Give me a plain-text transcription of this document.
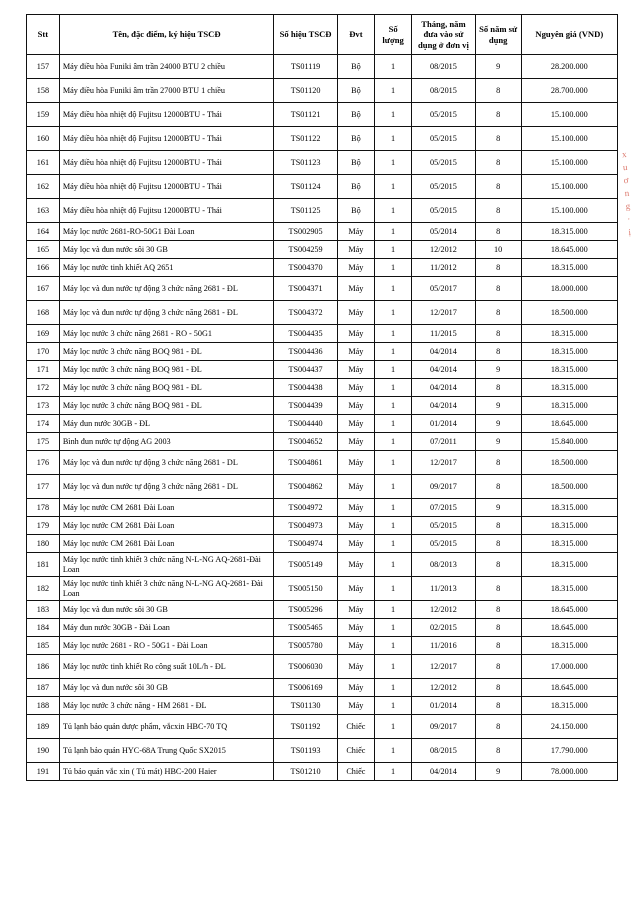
Stt	Tên, đặc điểm, ký hiệu TSCĐ	Số hiệu TSCĐ	Đvt	Số lượng	Tháng, năm đưa vào sử dụng ở đơn vị	Số năm sử dụng	Nguyên giá (VND)
157	Máy điều hòa Funiki âm trần 24000 BTU 2 chiều	TS01119	Bộ	1	08/2015	9	28.200.000
158	Máy điều hòa Funiki âm trần 27000 BTU 1 chiều	TS01120	Bộ	1	08/2015	8	28.700.000
159	Máy điều hòa nhiệt độ Fujitsu 12000BTU - Thái	TS01121	Bộ	1	05/2015	8	15.100.000
160	Máy điều hòa nhiệt độ Fujitsu 12000BTU - Thái	TS01122	Bộ	1	05/2015	8	15.100.000
161	Máy điều hòa nhiệt độ Fujitsu 12000BTU - Thái	TS01123	Bộ	1	05/2015	8	15.100.000
162	Máy điều hòa nhiệt độ Fujitsu 12000BTU - Thái	TS01124	Bộ	1	05/2015	8	15.100.000
163	Máy điều hòa nhiệt độ Fujitsu 12000BTU - Thái	TS01125	Bộ	1	05/2015	8	15.100.000
164	Máy lọc nước 2681-RO-50G1 Đài Loan	TS002905	Máy	1	05/2014	8	18.315.000
165	Máy lọc và đun nước sôi 30 GB	TS004259	Máy	1	12/2012	10	18.645.000
166	Máy lọc nước tinh khiết AQ 2651	TS004370	Máy	1	11/2012	8	18.315.000
167	Máy lọc và đun nước tự động 3 chức năng 2681 - ĐL	TS004371	Máy	1	05/2017	8	18.000.000
168	Máy lọc và đun nước tự động 3 chức năng 2681 - ĐL	TS004372	Máy	1	12/2017	8	18.500.000
169	Máy lọc nước 3 chức năng 2681 - RO - 50G1	TS004435	Máy	1	11/2015	8	18.315.000
170	Máy lọc nước 3 chức năng BOQ 981 - ĐL	TS004436	Máy	1	04/2014	8	18.315.000
171	Máy lọc nước 3 chức năng BOQ 981 - ĐL	TS004437	Máy	1	04/2014	9	18.315.000
172	Máy lọc nước 3 chức năng BOQ 981 - ĐL	TS004438	Máy	1	04/2014	8	18.315.000
173	Máy lọc nước 3 chức năng BOQ 981 - ĐL	TS004439	Máy	1	04/2014	9	18.315.000
174	Máy đun nước 30GB - ĐL	TS004440	Máy	1	01/2014	9	18.645.000
175	Bình đun nước tự động AG 2003	TS004652	Máy	1	07/2011	9	15.840.000
176	Máy lọc và đun nước tự động 3 chức năng 2681 - DL	TS004861	Máy	1	12/2017	8	18.500.000
177	Máy lọc và đun nước tự động 3 chức năng 2681 - DL	TS004862	Máy	1	09/2017	8	18.500.000
178	Máy lọc nước CM 2681 Đài Loan	TS004972	Máy	1	07/2015	9	18.315.000
179	Máy lọc nước CM 2681 Đài Loan	TS004973	Máy	1	05/2015	8	18.315.000
180	Máy lọc nước CM 2681 Đài Loan	TS004974	Máy	1	05/2015	8	18.315.000
181	Máy lọc nước tinh khiết 3 chức năng N-L-NG AQ-2681-Đài Loan	TS005149	Máy	1	08/2013	8	18.315.000
182	Máy lọc nước tinh khiết 3 chức năng N-L-NG AQ-2681- Đài Loan	TS005150	Máy	1	11/2013	8	18.315.000
183	Máy lọc và đun nước sôi 30 GB	TS005296	Máy	1	12/2012	8	18.645.000
184	Máy đun nước 30GB - Đài Loan	TS005465	Máy	1	02/2015	8	18.645.000
185	Máy lọc nước 2681 - RO - 50G1 - Đài Loan	TS005780	Máy	1	11/2016	8	18.315.000
186	Máy lọc nước tinh khiết Ro công suất 10L/h - ĐL	TS006030	Máy	1	12/2017	8	17.000.000
187	Máy lọc và đun nước sôi 30 GB	TS006169	Máy	1	12/2012	8	18.645.000
188	Máy lọc nước 3 chức năng - HM 2681 - ĐL	TS01130	Máy	1	01/2014	8	18.315.000
189	Tủ lạnh bảo quản dược phẩm, vắcxin HBC-70 TQ	TS01192	Chiếc	1	09/2017	8	24.150.000
190	Tủ lạnh bảo quản HYC-68A Trung Quốc SX2015	TS01193	Chiếc	1	08/2015	8	17.790.000
191	Tủ bảo quản vắc xin ( Tủ mát) HBC-200 Haier	TS01210	Chiếc	1	04/2014	9	78.000.000
x
u
ơ
n
g
·
ị
